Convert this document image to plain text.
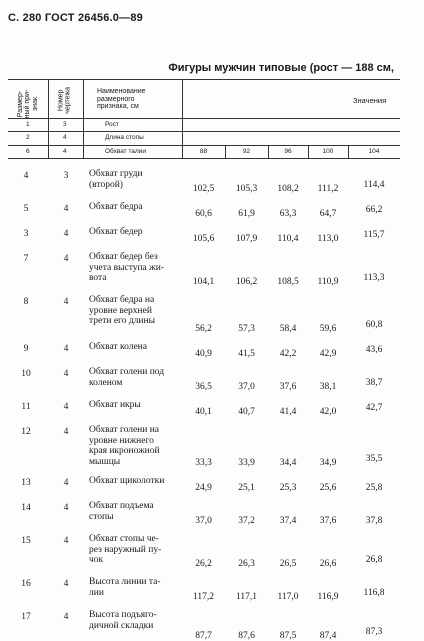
С. 280 ГОСТ 26456.0—89
Фигуры мужчин типовые (рост — 188 см,
Размер- ный при- знак	Номер чертежа	Наименование
размерного
признака, см
Значения
1	3	Рост
2	4	Длина стопы
6	4	Обхват талии	88	92	96	100	104
4	3	Обхват груди
(второй)	102,5	105,3	108,2	111,2	114,4
5	4	Обхват бедра
60,6	61,9	63,3	64,7	66,2
3	4	Обхват бедер
105,6	107,9	110,4	113,0	115,7
7	4	Обхват бедер без
учета выступа жи-
вота	104,1	106,2	108,5	110,9	113,3
8	4	Обхват бедра на
уровне верхней
трети его длины
56,2	57,3	58,4	59,6	60,8
9	4	Обхват колена
40,9	41,5	42,2	42,9	43,6
10	4	Обхват голени под
коленом	36,5	37,0	37,6	38,1	38,7
11	4	Обхват икры
40,1	40,7	41,4	42,0	42,7
12	4	Обхват голени на
уровне нижнего
края икроножной
мышцы	33,3	33,9	34,4	34,9	35,5
13	4	Обхват щиколотки
24,9	25,1	25,3	25,6	25,8
14	4	Обхват подъема
стопы	37,0	37,2	37,4	37,6	37,8
15	4	Обхват стопы че-
рез наружный пу-
чок	26,2	26,3	26,5	26,6	26,8
16	4	Высота линии та-
лии	117,2	117,1	117,0	116,9	116,8
17	4	Высота подъяго-
дичной складки
87,7	87,6	87,5	87,4	87,3
